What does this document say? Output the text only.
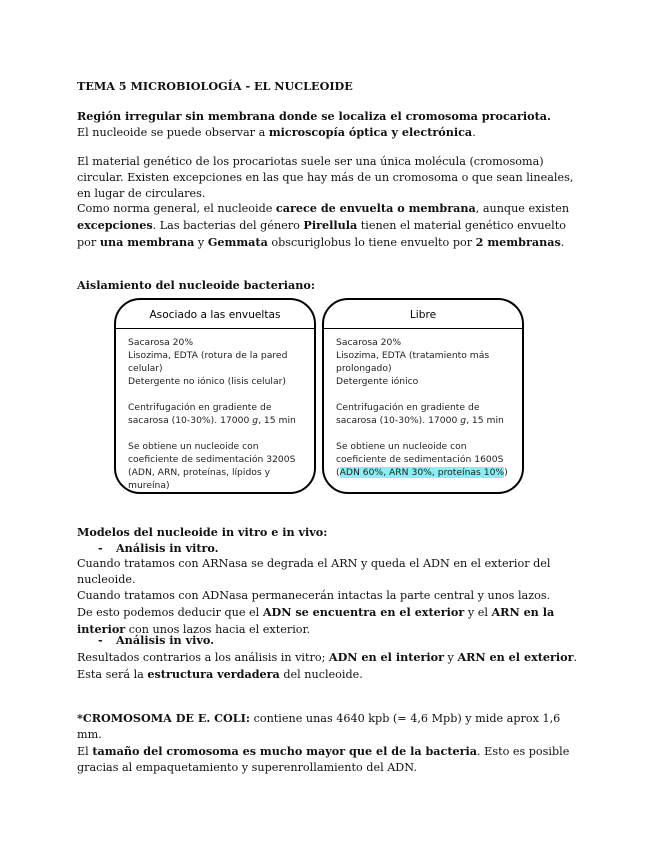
TEMA 5 MICROBIOLOGÍA - EL NUCLEOIDE

Región irregular sin membrana donde se localiza el cromosoma procariota.
El nucleoide se puede observar a microscopía óptica y electrónica.

El material genético de los procariotas suele ser una única molécula (cromosoma) circular. Existen excepciones en las que hay más de un cromosoma o que sean lineales, en lugar de circulares.

Como norma general, el nucleoide carece de envuelta o membrana, aunque existen excepciones. Las bacterias del género Pirellula tienen el material genético envuelto por una membrana y Gemmata obscuriglobus lo tiene envuelto por 2 membranas.

Aislamiento del nucleoide bacteriano:

Asociado a las envueltas
Sacarosa 20%
Lisozima, EDTA (rotura de la pared celular)
Detergente no iónico (lisis celular)
Centrifugación en gradiente de sacarosa (10-30%). 17000 g, 15 min
Se obtiene un nucleoide con coeficiente de sedimentación 3200S (ADN, ARN, proteínas, lípidos y mureína)
Libre
Sacarosa 20%
Lisozima, EDTA (tratamiento más prolongado)
Detergente iónico
Centrifugación en gradiente de sacarosa (10-30%). 17000 g, 15 min
Se obtiene un nucleoide con coeficiente de sedimentación 1600S (ADN 60%, ARN 30%, proteínas 10%)

Modelos del nucleoide in vitro e in vivo:

- Análisis in vitro.

Cuando tratamos con ARNasa se degrada el ARN y queda el ADN en el exterior del nucleoide.
Cuando tratamos con ADNasa permanecerán intactas la parte central y unos lazos.
De esto podemos deducir que el ADN se encuentra en el exterior y el ARN en la interior con unos lazos hacia el exterior.
- Análisis in vivo.

Resultados contrarios a los análisis in vitro; ADN en el interior y ARN en el exterior. Esta será la estructura verdadera del nucleoide.

*CROMOSOMA DE E. COLI: contiene unas 4640 kpb (= 4,6 Mpb) y mide aprox 1,6 mm.
El tamaño del cromosoma es mucho mayor que el de la bacteria. Esto es posible gracias al empaquetamiento y superenrollamiento del ADN.
